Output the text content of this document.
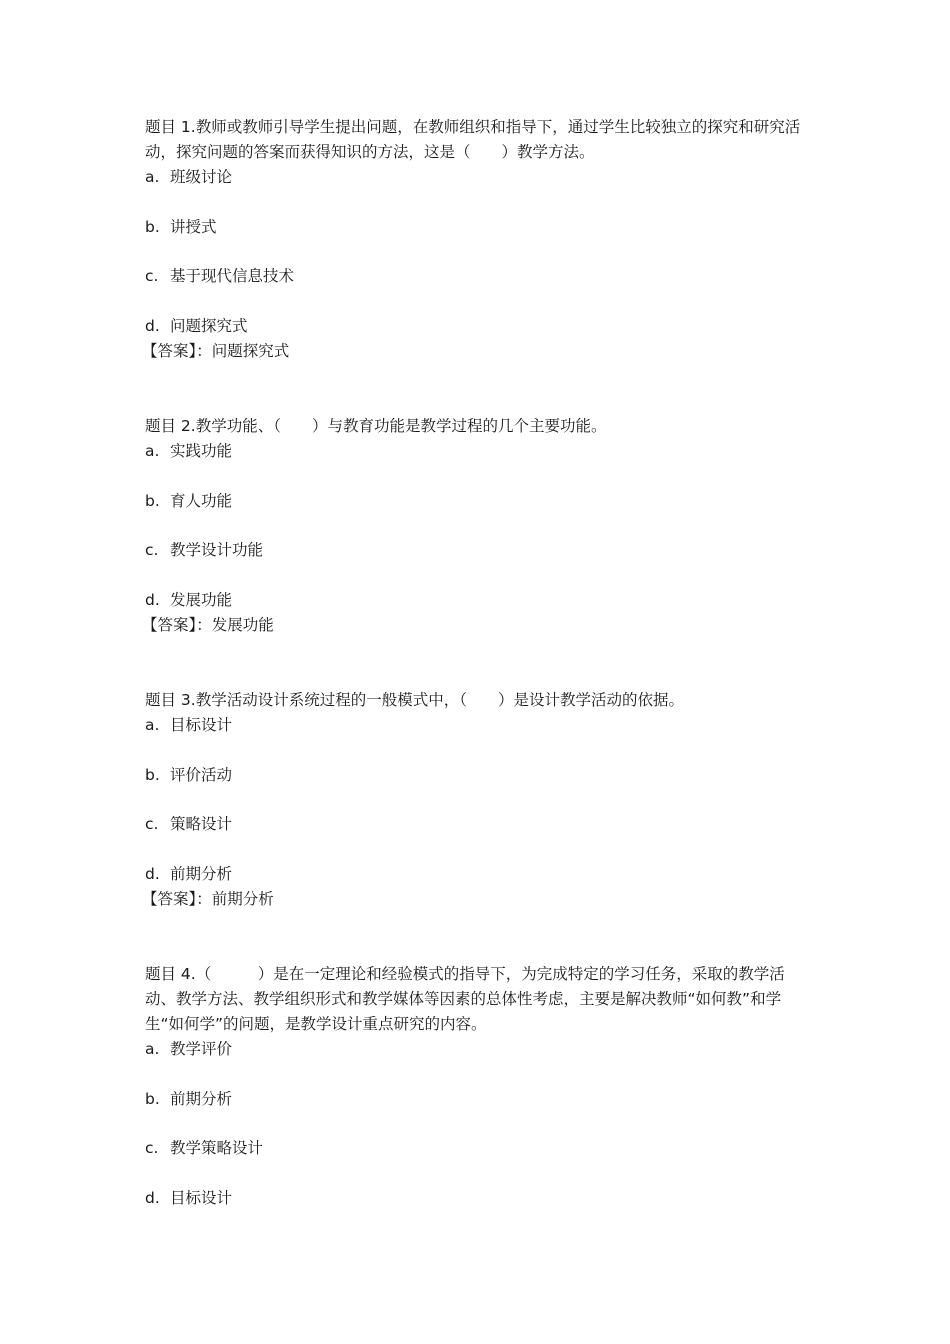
题目 1.教师或教师引导学生提出问题，在教师组织和指导下，通过学生比较独立的探究和研究活动，探究问题的答案而获得知识的方法，这是（　　）教学方法。

a. 班级讨论
b. 讲授式
c. 基于现代信息技术
d. 问题探究式
【答案】：问题探究式

题目 2.教学功能、（　　）与教育功能是教学过程的几个主要功能。

a. 实践功能
b. 育人功能
c. 教学设计功能
d. 发展功能
【答案】：发展功能

题目 3.教学活动设计系统过程的一般模式中，（　　）是设计教学活动的依据。

a. 目标设计
b. 评价活动
c. 策略设计
d. 前期分析
【答案】：前期分析

题目 4.（　　　）是在一定理论和经验模式的指导下，为完成特定的学习任务，采取的教学活动、教学方法、教学组织形式和教学媒体等因素的总体性考虑，主要是解决教师“如何教”和学生“如何学”的问题，是教学设计重点研究的内容。

a. 教学评价
b. 前期分析
c. 教学策略设计
d. 目标设计
